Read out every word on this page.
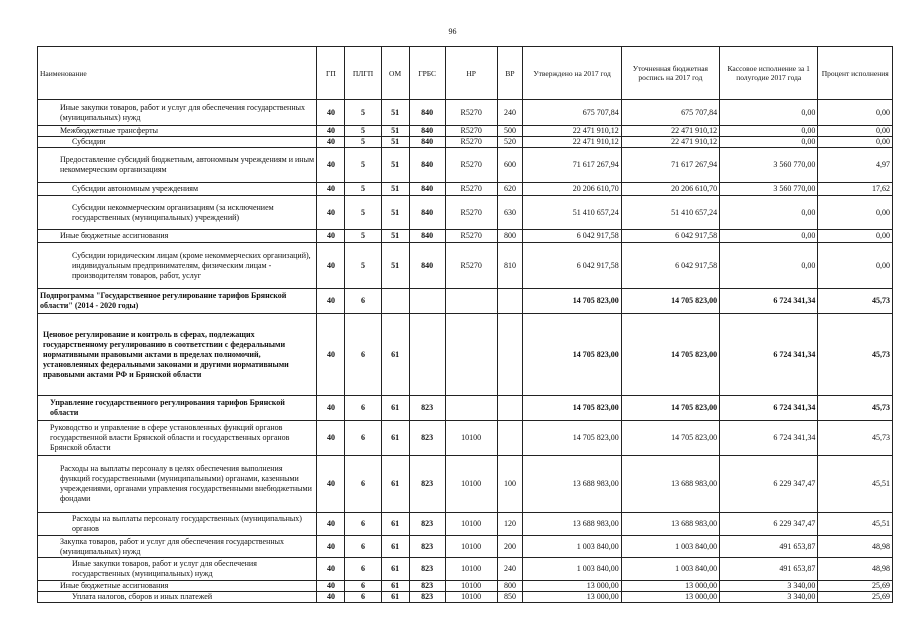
96
Наименование	ГП	ПЛГП	ОМ	ГРБС	НР	ВР	Утверждено на 2017 год	Уточненная бюджетная роспись на 2017 год	Кассовое исполнение за 1 полугодие 2017 года	Процент исполнения
Иные закупки товаров, работ и услуг для обеспечения государственных (муниципальных) нужд	40	5	51	840	R5270	240	675 707,84	675 707,84	0,00	0,00
Межбюджетные трансферты	40	5	51	840	R5270	500	22 471 910,12	22 471 910,12	0,00	0,00
Субсидии	40	5	51	840	R5270	520	22 471 910,12	22 471 910,12	0,00	0,00
Предоставление субсидий бюджетным, автономным учреждениям и иным некоммерческим организациям	40	5	51	840	R5270	600	71 617 267,94	71 617 267,94	3 560 770,00	4,97
Субсидии автономным учреждениям	40	5	51	840	R5270	620	20 206 610,70	20 206 610,70	3 560 770,00	17,62
Субсидии некоммерческим организациям (за исключением государственных (муниципальных) учреждений)	40	5	51	840	R5270	630	51 410 657,24	51 410 657,24	0,00	0,00
Иные бюджетные ассигнования	40	5	51	840	R5270	800	6 042 917,58	6 042 917,58	0,00	0,00
Субсидии юридическим лицам (кроме некоммерческих организаций), индивидуальным предпринимателям, физическим лицам - производителям товаров, работ, услуг	40	5	51	840	R5270	810	6 042 917,58	6 042 917,58	0,00	0,00
Подпрограмма "Государственное регулирование тарифов Брянской области" (2014 - 2020 годы)	40	6					14 705 823,00	14 705 823,00	6 724 341,34	45,73
Ценовое регулирование и контроль в сферах, подлежащих государственному регулированию в соответствии с федеральными нормативными правовыми актами в пределах полномочий, установленных федеральными законами и другими нормативными правовыми актами РФ и Брянской области	40	6	61				14 705 823,00	14 705 823,00	6 724 341,34	45,73
Управление государственного регулирования тарифов Брянской области	40	6	61	823			14 705 823,00	14 705 823,00	6 724 341,34	45,73
Руководство и управление в сфере установленных функций органов государственной власти Брянской области и государственных органов Брянской области	40	6	61	823	10100		14 705 823,00	14 705 823,00	6 724 341,34	45,73
Расходы на выплаты персоналу в целях обеспечения выполнения функций государственными (муниципальными) органами, казенными учреждениями, органами управления государственными внебюджетными фондами	40	6	61	823	10100	100	13 688 983,00	13 688 983,00	6 229 347,47	45,51
Расходы на выплаты персоналу государственных (муниципальных) органов	40	6	61	823	10100	120	13 688 983,00	13 688 983,00	6 229 347,47	45,51
Закупка товаров, работ и услуг для обеспечения государственных (муниципальных) нужд	40	6	61	823	10100	200	1 003 840,00	1 003 840,00	491 653,87	48,98
Иные закупки товаров, работ и услуг для обеспечения государственных (муниципальных) нужд	40	6	61	823	10100	240	1 003 840,00	1 003 840,00	491 653,87	48,98
Иные бюджетные ассигнования	40	6	61	823	10100	800	13 000,00	13 000,00	3 340,00	25,69
Уплата налогов, сборов и иных платежей	40	6	61	823	10100	850	13 000,00	13 000,00	3 340,00	25,69
